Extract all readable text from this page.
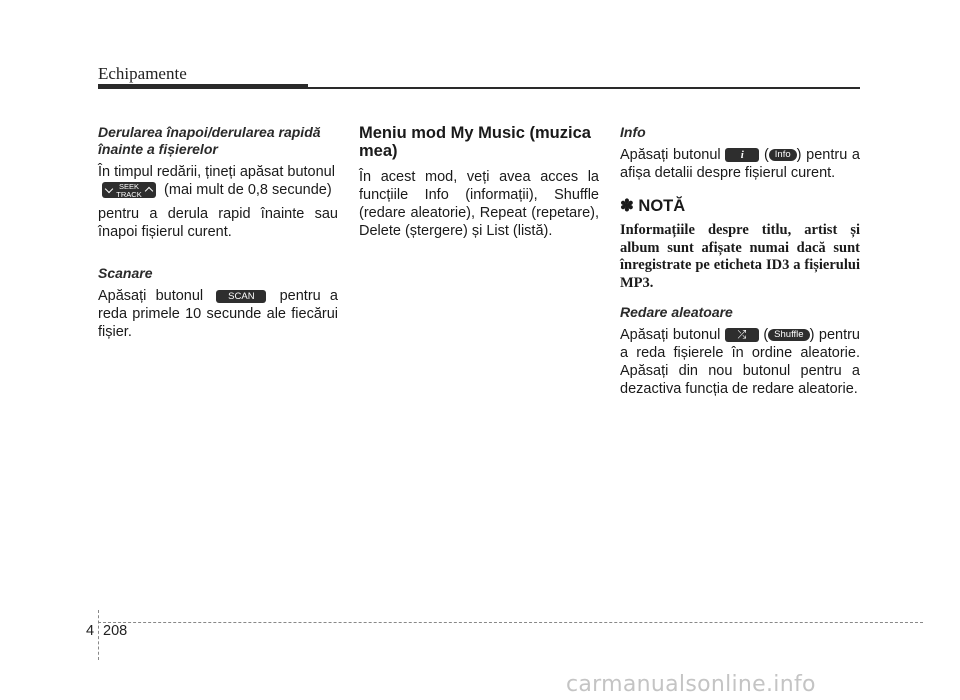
Echipamente
Derularea înapoi/derularea rapidă înainte a fișierelor
În timpul redării, țineți apăsat butonul

SEEK
TRACK (mai mult de 0,8 secunde)
pentru a derula rapid înainte sau înapoi fișierul curent.
Scanare
Apăsați butonul	SCAN pentru a reda primele 10 secunde ale fiecărui fișier.
Meniu mod My Music (muzica mea)
În acest mod, veți avea acces la funcțiile Info (informații), Shuffle (redare aleatorie), Repeat (repetare), Delete (ștergere) și List (listă).
Info
Apăsați butonul i ( Info ) pentru a afișa detalii despre fișierul curent.
✽ NOTĂ
Informațiile despre titlu, artist și album sunt afișate numai dacă sunt înregistrate pe eticheta ID3 a fișierului MP3.
Redare aleatoare
Apăsați butonul ⤮ ( Shuffle ) pentru a reda fișierele în ordine aleatorie. Apăsați din nou butonul pentru a dezactiva funcția de redare aleatorie.
4 208
carmanualsonline.info
